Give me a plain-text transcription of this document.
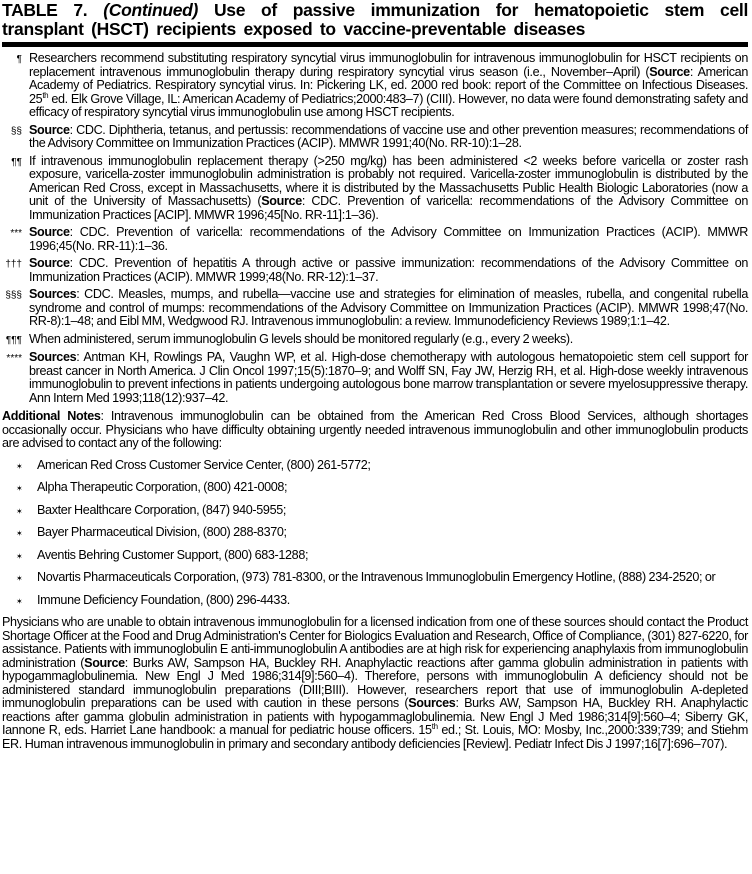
TABLE 7. (Continued) Use of passive immunization for hematopoietic stem cell transplant (HSCT) recipients exposed to vaccine-preventable diseases
¶ Researchers recommend substituting respiratory syncytial virus immunoglobulin for intravenous immunoglobulin for HSCT recipients on replacement intravenous immunoglobulin therapy during respiratory syncytial virus season (i.e., November–April) (Source: American Academy of Pediatrics. Respiratory syncytial virus. In: Pickering LK, ed. 2000 red book: report of the Committee on Infectious Diseases. 25th ed. Elk Grove Village, IL: American Academy of Pediatrics;2000:483–7) (CIII). However, no data were found demonstrating safety and efficacy of respiratory syncytial virus immunoglobulin use among HSCT recipients.
§§ Source: CDC. Diphtheria, tetanus, and pertussis: recommendations of vaccine use and other prevention measures; recommendations of the Advisory Committee on Immunization Practices (ACIP). MMWR 1991;40(No. RR-10):1–28.
¶¶ If intravenous immunoglobulin replacement therapy (>250 mg/kg) has been administered <2 weeks before varicella or zoster rash exposure, varicella-zoster immunoglobulin administration is probably not required. Varicella-zoster immunoglobulin is distributed by the American Red Cross, except in Massachusetts, where it is distributed by the Massachusetts Public Health Biologic Laboratories (now a unit of the University of Massachusetts) (Source: CDC. Prevention of varicella: recommendations of the Advisory Committee on Immunization Practices [ACIP]. MMWR 1996;45[No. RR-11]:1–36).
*** Source: CDC. Prevention of varicella: recommendations of the Advisory Committee on Immunization Practices (ACIP). MMWR 1996;45(No. RR-11):1–36.
††† Source: CDC. Prevention of hepatitis A through active or passive immunization: recommendations of the Advisory Committee on Immunization Practices (ACIP). MMWR 1999;48(No. RR-12):1–37.
§§§ Sources: CDC. Measles, mumps, and rubella—vaccine use and strategies for elimination of measles, rubella, and congenital rubella syndrome and control of mumps: recommendations of the Advisory Committee on Immunization Practices (ACIP). MMWR 1998;47(No. RR-8):1–48; and Eibl MM, Wedgwood RJ. Intravenous immunoglobulin: a review. Immunodeficiency Reviews 1989;1:1–42.
¶¶¶ When administered, serum immunoglobulin G levels should be monitored regularly (e.g., every 2 weeks).
**** Sources: Antman KH, Rowlings PA, Vaughn WP, et al. High-dose chemotherapy with autologous hematopoietic stem cell support for breast cancer in North America. J Clin Oncol 1997;15(5):1870–9; and Wolff SN, Fay JW, Herzig RH, et al. High-dose weekly intravenous immunoglobulin to prevent infections in patients undergoing autologous bone marrow transplantation or severe myelosuppressive therapy. Ann Intern Med 1993;118(12):937–42.

Additional Notes: Intravenous immunoglobulin can be obtained from the American Red Cross Blood Services, although shortages occasionally occur. Physicians who have difficulty obtaining urgently needed intravenous immunoglobulin and other immunoglobulin products are advised to contact any of the following:

✶	American Red Cross Customer Service Center, (800) 261-5772;
✶	Alpha Therapeutic Corporation, (800) 421-0008;
✶	Baxter Healthcare Corporation, (847) 940-5955;
✶	Bayer Pharmaceutical Division, (800) 288-8370;
✶	Aventis Behring Customer Support, (800) 683-1288;
✶	Novartis Pharmaceuticals Corporation, (973) 781-8300, or the Intravenous Immunoglobulin Emergency Hotline, (888) 234-2520; or
✶	Immune Deficiency Foundation, (800) 296-4433.

Physicians who are unable to obtain intravenous immunoglobulin for a licensed indication from one of these sources should contact the Product Shortage Officer at the Food and Drug Administration's Center for Biologics Evaluation and Research, Office of Compliance, (301) 827-6220, for assistance. Patients with immunoglobulin E anti-immunoglobulin A antibodies are at high risk for experiencing anaphylaxis from immunoglobulin administration (Source: Burks AW, Sampson HA, Buckley RH. Anaphylactic reactions after gamma globulin administration in patients with hypogammaglobulinemia. New Engl J Med 1986;314[9]:560–4). Therefore, persons with immunoglobulin A deficiency should not be administered standard immunoglobulin preparations (DIII;BIII). However, researchers report that use of immunoglobulin A-depleted immunoglobulin preparations can be used with caution in these persons (Sources: Burks AW, Sampson HA, Buckley RH. Anaphylactic reactions after gamma globulin administration in patients with hypogammaglobulinemia. New Engl J Med 1986;314[9]:560–4; Siberry GK, Iannone R, eds. Harriet Lane handbook: a manual for pediatric house officers. 15th ed.; St. Louis, MO: Mosby, Inc.,2000:339;739; and Stiehm ER. Human intravenous immunoglobulin in primary and secondary antibody deficiencies [Review]. Pediatr Infect Dis J 1997;16[7]:696–707).
